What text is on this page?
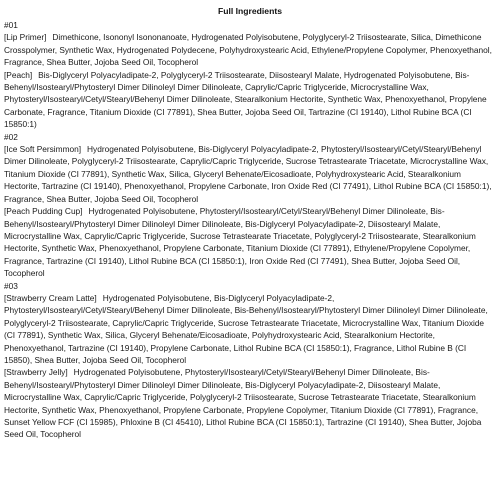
Full Ingredients
#01
[Lip Primer] Dimethicone, Isononyl Isononanoate, Hydrogenated Polyisobutene, Polyglyceryl-2 Triisostearate, Silica, Dimethicone Crosspolymer, Synthetic Wax, Hydrogenated Polydecene, Polyhydroxystearic Acid, Ethylene/Propylene Copolymer, Phenoxyethanol, Fragrance, Shea Butter, Jojoba Seed Oil, Tocopherol
[Peach] Bis-Diglyceryl Polyacyladipate-2, Polyglyceryl-2 Triisostearate, Diisostearyl Malate, Hydrogenated Polyisobutene, Bis-Behenyl/Isostearyl/Phytosteryl Dimer Dilinoleyl Dimer Dilinoleate, Caprylic/Capric Triglyceride, Microcrystalline Wax, Phytosteryl/Isostearyl/Cetyl/Stearyl/Behenyl Dimer Dilinoleate, Stearalkonium Hectorite, Synthetic Wax, Phenoxyethanol, Propylene Carbonate, Fragrance, Titanium Dioxide (CI 77891), Shea Butter, Jojoba Seed Oil, Tartrazine (CI 19140), Lithol Rubine BCA (CI 15850:1)
#02
[Ice Soft Persimmon] Hydrogenated Polyisobutene, Bis-Diglyceryl Polyacyladipate-2, Phytosteryl/Isostearyl/Cetyl/Stearyl/Behenyl Dimer Dilinoleate, Polyglyceryl-2 Triisostearate, Caprylic/Capric Triglyceride, Sucrose Tetrastearate Triacetate, Microcrystalline Wax, Titanium Dioxide (CI 77891), Synthetic Wax, Silica, Glyceryl Behenate/Eicosadioate, Polyhydroxystearic Acid, Stearalkonium Hectorite, Tartrazine (CI 19140), Phenoxyethanol, Propylene Carbonate, Iron Oxide Red (CI 77491), Lithol Rubine BCA (CI 15850:1), Fragrance, Shea Butter, Jojoba Seed Oil, Tocopherol
[Peach Pudding Cup] Hydrogenated Polyisobutene, Phytosteryl/Isostearyl/Cetyl/Stearyl/Behenyl Dimer Dilinoleate, Bis-Behenyl/Isostearyl/Phytosteryl Dimer Dilinoleyl Dimer Dilinoleate, Bis-Diglyceryl Polyacyladipate-2, Diisostearyl Malate, Microcrystalline Wax, Caprylic/Capric Triglyceride, Sucrose Tetrastearate Triacetate, Polyglyceryl-2 Triisostearate, Stearalkonium Hectorite, Synthetic Wax, Phenoxyethanol, Propylene Carbonate, Titanium Dioxide (CI 77891), Ethylene/Propylene Copolymer, Fragrance, Tartrazine (CI 19140), Lithol Rubine BCA (CI 15850:1), Iron Oxide Red (CI 77491), Shea Butter, Jojoba Seed Oil, Tocopherol
#03
[Strawberry Cream Latte] Hydrogenated Polyisobutene, Bis-Diglyceryl Polyacyladipate-2, Phytosteryl/Isostearyl/Cetyl/Stearyl/Behenyl Dimer Dilinoleate, Bis-Behenyl/Isostearyl/Phytosteryl Dimer Dilinoleyl Dimer Dilinoleate, Polyglyceryl-2 Triisostearate, Caprylic/Capric Triglyceride, Sucrose Tetrastearate Triacetate, Microcrystalline Wax, Titanium Dioxide (CI 77891), Synthetic Wax, Silica, Glyceryl Behenate/Eicosadioate, Polyhydroxystearic Acid, Stearalkonium Hectorite, Phenoxyethanol, Tartrazine (CI 19140), Propylene Carbonate, Lithol Rubine BCA (CI 15850:1), Fragrance, Lithol Rubine B (CI 15850), Shea Butter, Jojoba Seed Oil, Tocopherol
[Strawberry Jelly] Hydrogenated Polyisobutene, Phytosteryl/Isostearyl/Cetyl/Stearyl/Behenyl Dimer Dilinoleate, Bis-Behenyl/Isostearyl/Phytosteryl Dimer Dilinoleyl Dimer Dilinoleate, Bis-Diglyceryl Polyacyladipate-2, Diisostearyl Malate, Microcrystalline Wax, Caprylic/Capric Triglyceride, Polyglyceryl-2 Triisostearate, Sucrose Tetrastearate Triacetate, Stearalkonium Hectorite, Synthetic Wax, Phenoxyethanol, Propylene Carbonate, Propylene Copolymer, Titanium Dioxide (CI 77891), Fragrance, Sunset Yellow FCF (CI 15985), Phloxine B (CI 45410), Lithol Rubine BCA (CI 15850:1), Tartrazine (CI 19140), Shea Butter, Jojoba Seed Oil, Tocopherol
